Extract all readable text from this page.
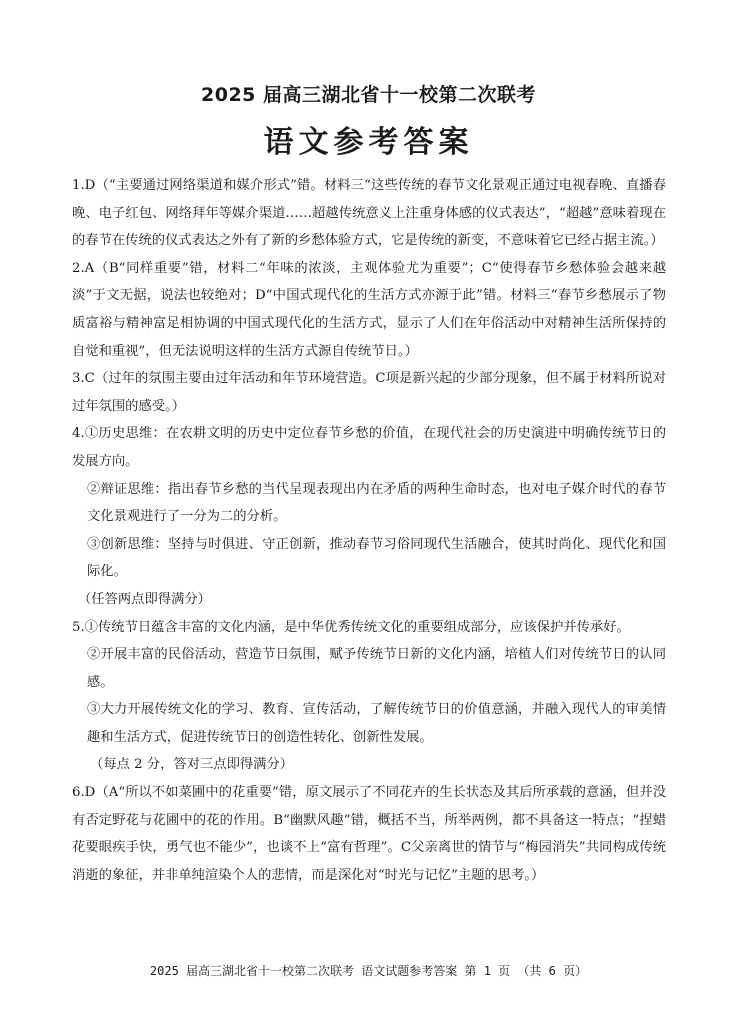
2025 届高三湖北省十一校第二次联考
语文参考答案

1.D（“主要通过网络渠道和媒介形式”错。材料三“这些传统的春节文化景观正通过电视春晚、直播春晚、电子红包、网络拜年等媒介渠道……超越传统意义上注重身体感的仪式表达”，“超越”意味着现在的春节在传统的仪式表达之外有了新的乡愁体验方式，它是传统的新变，不意味着它已经占据主流。）

2.A（B“同样重要”错，材料二“年味的浓淡，主观体验尤为重要”；C“使得春节乡愁体验会越来越淡”于文无据，说法也较绝对；D“中国式现代化的生活方式亦源于此”错。材料三“春节乡愁展示了物质富裕与精神富足相协调的中国式现代化的生活方式，显示了人们在年俗活动中对精神生活所保持的自觉和重视”，但无法说明这样的生活方式源自传统节日。）

3.C（过年的氛围主要由过年活动和年节环境营造。C项是新兴起的少部分现象，但不属于材料所说对过年氛围的感受。）

4.①历史思维：在农耕文明的历史中定位春节乡愁的价值，在现代社会的历史演进中明确传统节日的发展方向。

②辩证思维：指出春节乡愁的当代呈现表现出内在矛盾的两种生命时态，也对电子媒介时代的春节文化景观进行了一分为二的分析。

③创新思维：坚持与时俱进、守正创新，推动春节习俗同现代生活融合，使其时尚化、现代化和国际化。

（任答两点即得满分）

5.①传统节日蕴含丰富的文化内涵，是中华优秀传统文化的重要组成部分，应该保护并传承好。

②开展丰富的民俗活动，营造节日氛围，赋予传统节日新的文化内涵，培植人们对传统节日的认同感。

③大力开展传统文化的学习、教育、宣传活动，了解传统节日的价值意涵，并融入现代人的审美情趣和生活方式，促进传统节日的创造性转化、创新性发展。

（每点 2 分，答对三点即得满分）

6.D（A“所以不如菜圃中的花重要”错，原文展示了不同花卉的生长状态及其后所承载的意涵，但并没有否定野花与花圃中的花的作用。B“幽默风趣”错，概括不当，所举两例，都不具备这一特点；“捏蜡花要眼疾手快，勇气也不能少”，也谈不上“富有哲理”。C父亲离世的情节与“梅园消失”共同构成传统消逝的象征，并非单纯渲染个人的悲情，而是深化对“时光与记忆”主题的思考。）

2025 届高三湖北省十一校第二次联考 语文试题参考答案 第 1 页 （共 6 页）
